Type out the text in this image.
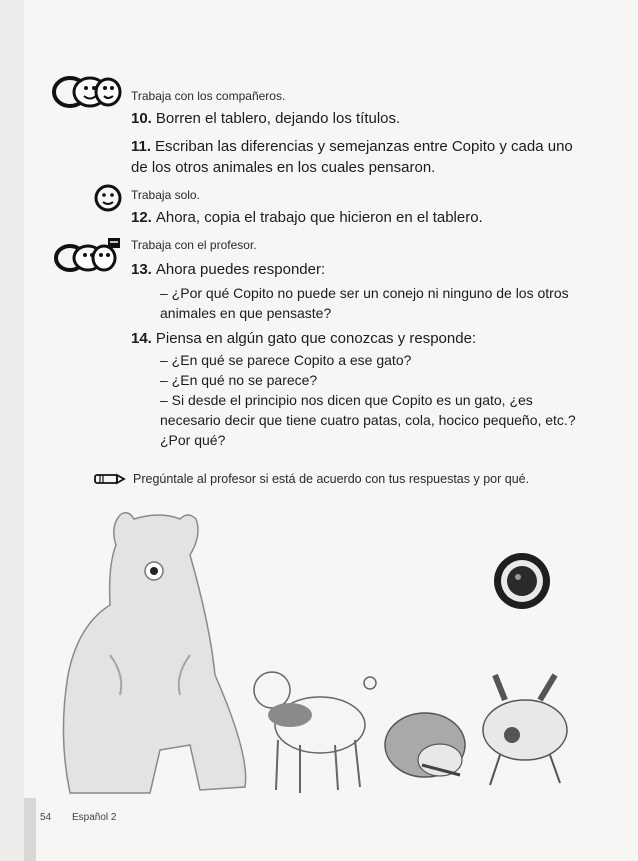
Trabaja con los compañeros.
10. Borren el tablero, dejando los títulos.
11. Escriban las diferencias y semejanzas entre Copito y cada uno de los otros animales en los cuales pensaron.
Trabaja solo.
12. Ahora, copia el trabajo que hicieron en el tablero.
Trabaja con el profesor.
13. Ahora puedes responder:
– ¿Por qué Copito no puede ser un conejo ni ninguno de los otros animales en que pensaste?
14. Piensa en algún gato que conozcas y responde:
– ¿En qué se parece Copito a ese gato?
– ¿En qué no se parece?
– Si desde el principio nos dicen que Copito es un gato, ¿es necesario decir que tiene cuatro patas, cola, hocico pequeño, etc.? ¿Por qué?
Pregúntale al profesor si está de acuerdo con tus respuestas y por qué.
54 Español 2
